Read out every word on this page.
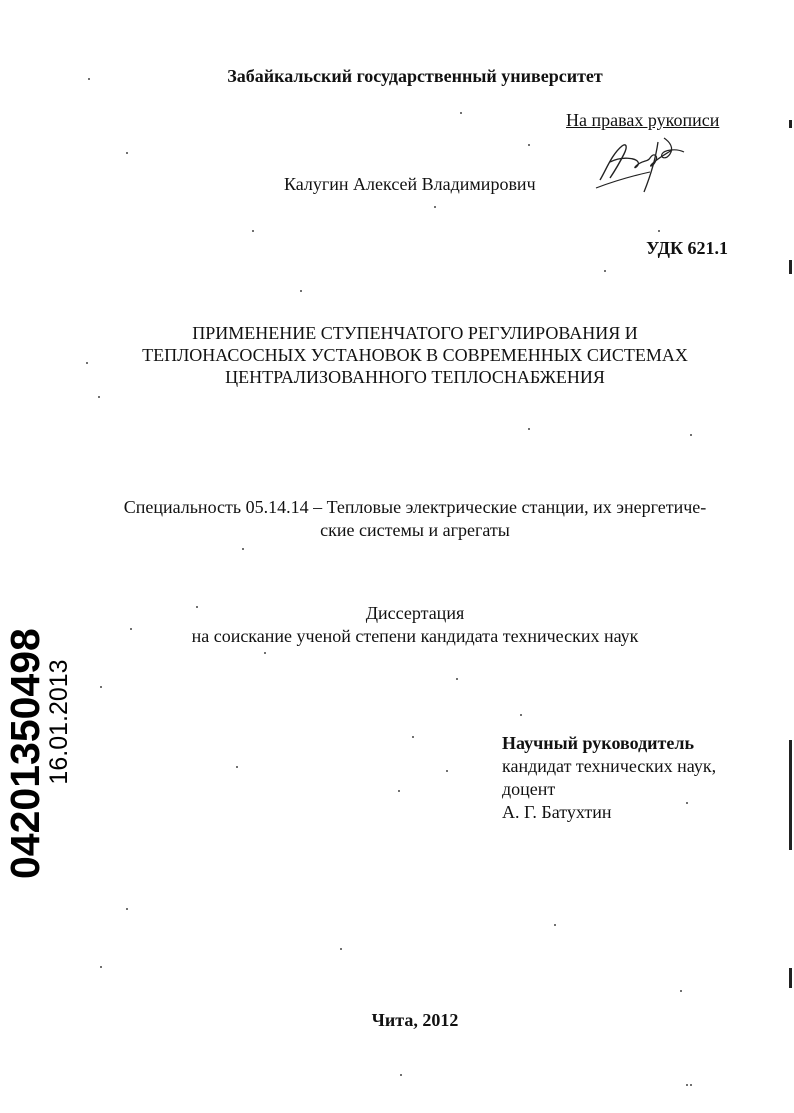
Забайкальский государственный университет
На правах рукописи
Калугин Алексей Владимирович
УДК 621.1
ПРИМЕНЕНИЕ СТУПЕНЧАТОГО РЕГУЛИРОВАНИЯ И
ТЕПЛОНАСОСНЫХ УСТАНОВОК В СОВРЕМЕННЫХ СИСТЕМАХ
ЦЕНТРАЛИЗОВАННОГО ТЕПЛОСНАБЖЕНИЯ
Специальность 05.14.14 – Тепловые электрические станции, их энергетиче-
ские системы и агрегаты
Диссертация
на соискание ученой степени кандидата технических наук
Научный руководитель
кандидат технических наук,
доцент
А. Г. Батухтин
Чита, 2012
04201350498
16.01.2013
